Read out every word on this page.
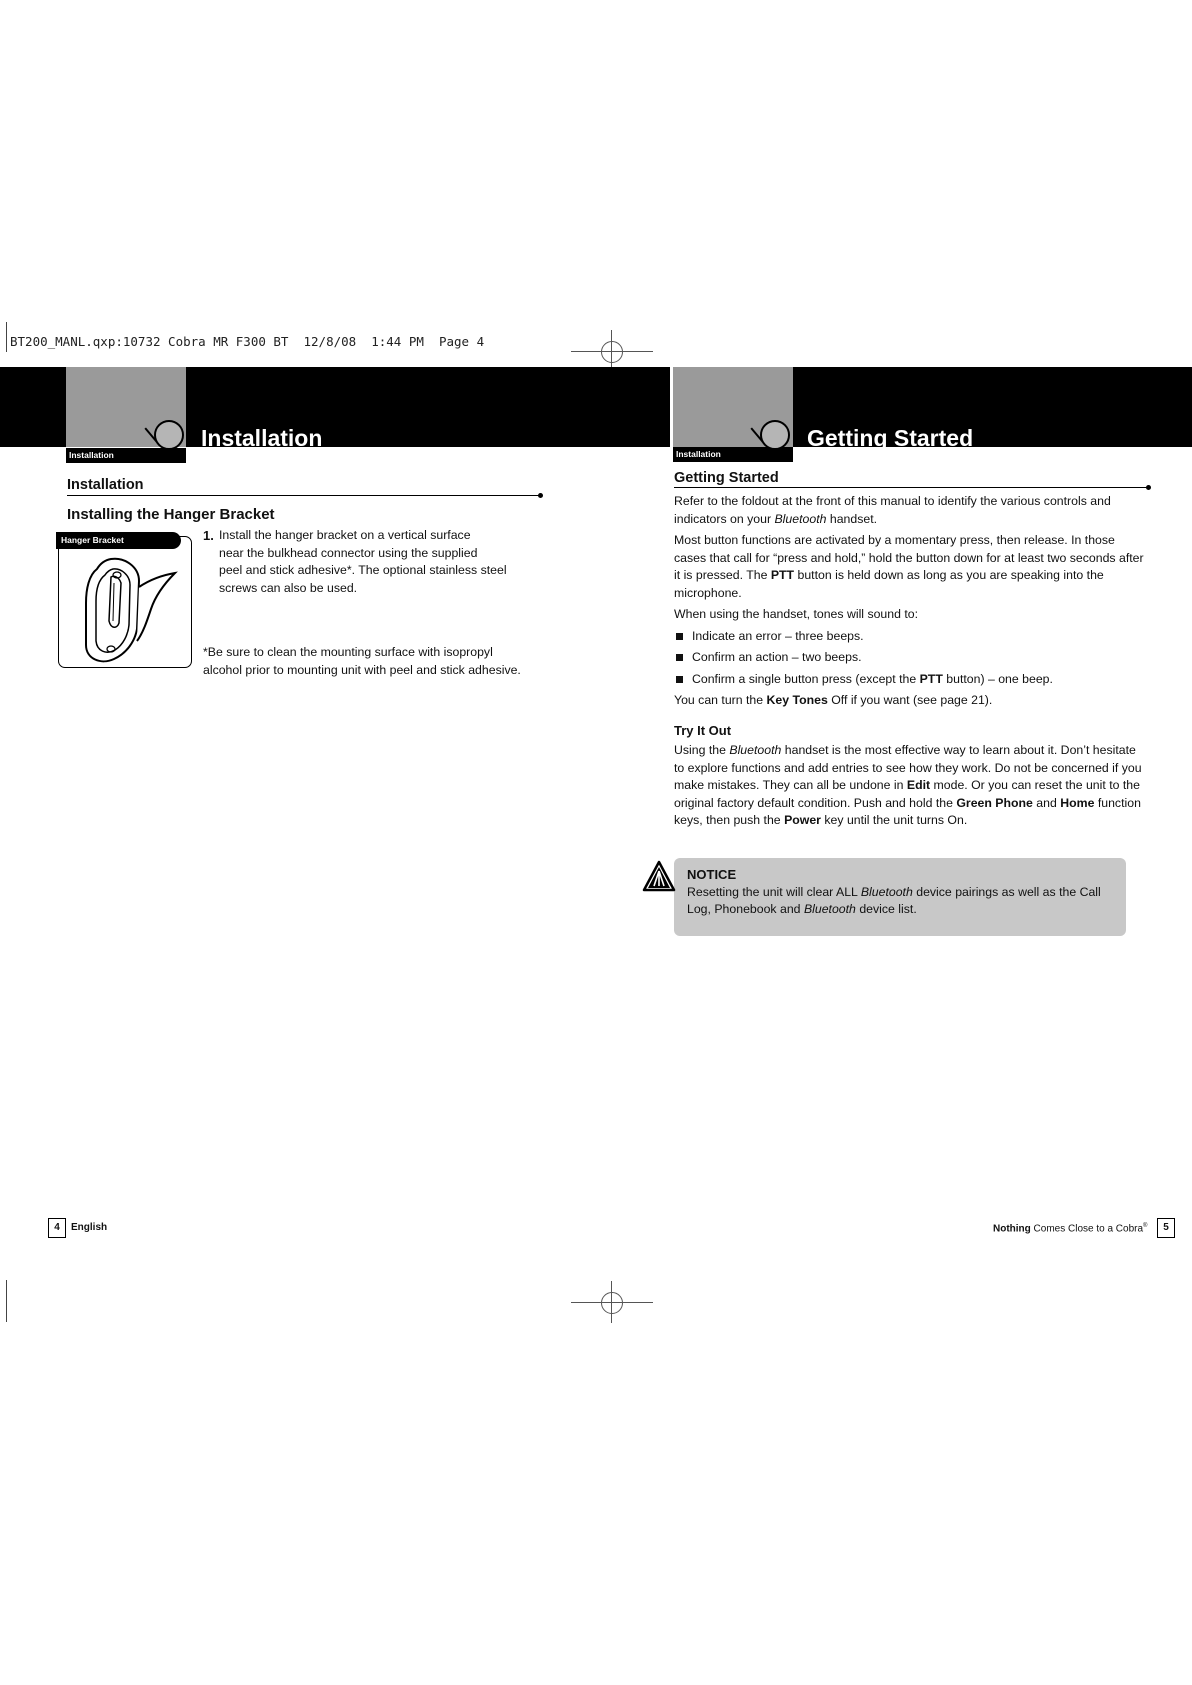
BT200_MANL.qxp:10732 Cobra MR F300 BT  12/8/08  1:44 PM  Page 4
Installation
Installation
Installation
Installing the Hanger Bracket
Hanger Bracket	1. Install the hanger bracket on a vertical surface
near the bulkhead connector using the supplied
peel and stick adhesive*. The optional stainless steel
screws can also be used.
*Be sure to clean the mounting surface with isopropyl
alcohol prior to mounting unit with peel and stick adhesive.
4	English
Installation
Getting Started
Getting Started

Refer to the foldout at the front of this manual to identify the various controls and indicators on your Bluetooth handset.

Most button functions are activated by a momentary press, then release. In those cases that call for “press and hold,” hold the button down for at least two seconds after it is pressed. The PTT button is held down as long as you are speaking into the microphone.

When using the handset, tones will sound to:

Indicate an error – three beeps.
Confirm an action – two beeps.
Confirm a single button press (except the PTT button) – one beep.

You can turn the Key Tones Off if you want (see page 21).

Try It Out

Using the Bluetooth handset is the most effective way to learn about it. Don’t hesitate to explore functions and add entries to see how they work. Do not be concerned if you make mistakes. They can all be undone in Edit mode. Or you can reset the unit to the original factory default condition. Push and hold the Green Phone and Home function keys, then push the Power key until the unit turns On.

NOTICE
Resetting the unit will clear ALL Bluetooth device pairings as well as the Call Log, Phonebook and Bluetooth device list.
Nothing Comes Close to a Cobra®	5
